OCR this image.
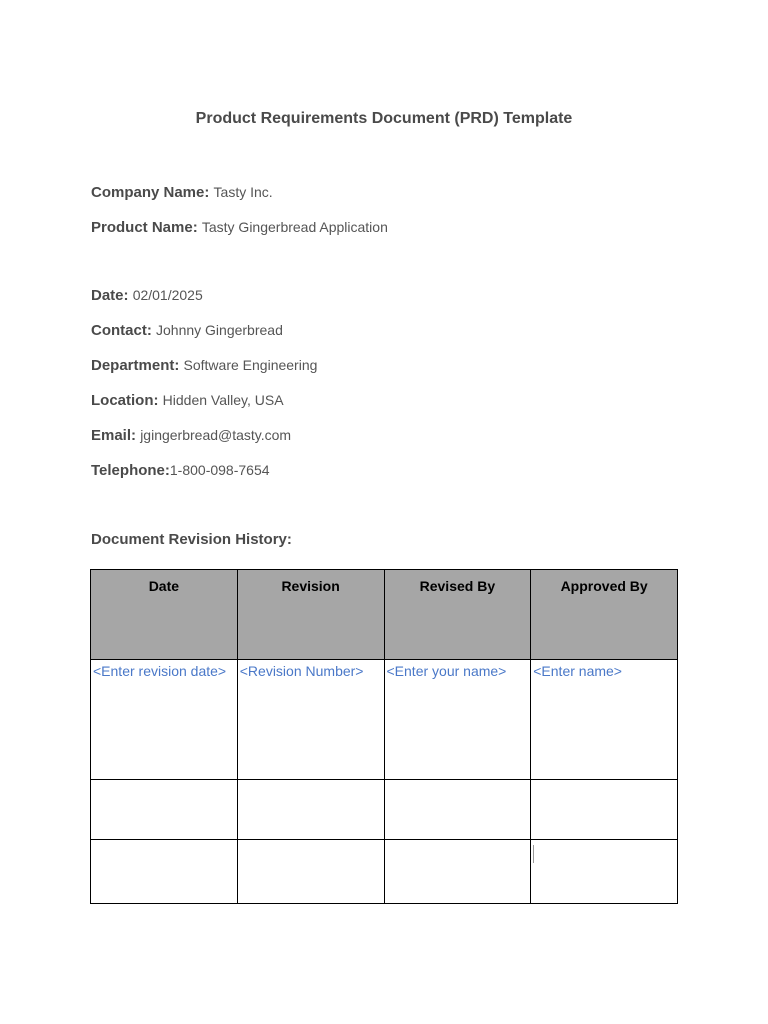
Product Requirements Document (PRD) Template
Company Name: Tasty Inc.
Product Name: Tasty Gingerbread Application
Date: 02/01/2025
Contact: Johnny Gingerbread
Department: Software Engineering
Location: Hidden Valley, USA
Email: jgingerbread@tasty.com
Telephone:1-800-098-7654
Document Revision History:
Date	Revision	Revised By	Approved By
<Enter revision date>	<Revision Number>	<Enter your name>	<Enter name>
